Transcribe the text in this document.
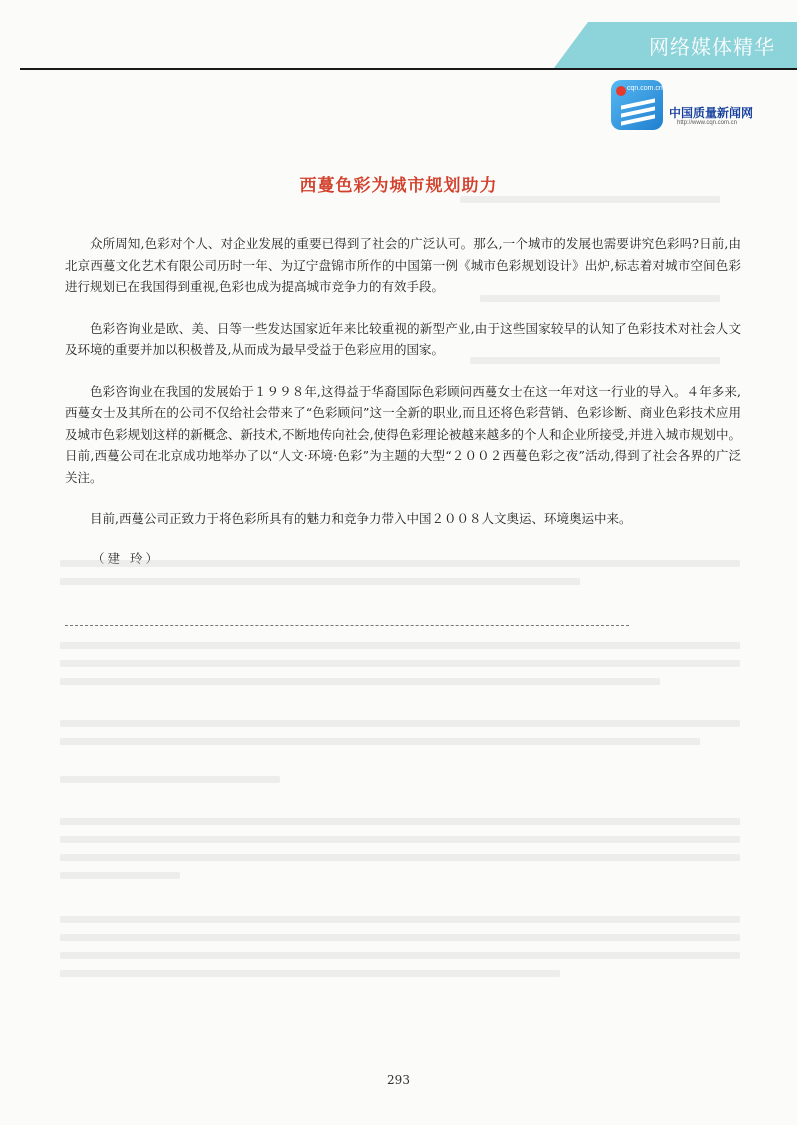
网络媒体精华
cqn.com.cn
中国质量新闻网
http://www.cqn.com.cn
西蔓色彩为城市规划助力

众所周知,色彩对个人、对企业发展的重要已得到了社会的广泛认可。那么,一个城市的发展也需要讲究色彩吗?日前,由北京西蔓文化艺术有限公司历时一年、为辽宁盘锦市所作的中国第一例《城市色彩规划设计》出炉,标志着对城市空间色彩进行规划已在我国得到重视,色彩也成为提高城市竞争力的有效手段。

色彩咨询业是欧、美、日等一些发达国家近年来比较重视的新型产业,由于这些国家较早的认知了色彩技术对社会人文及环境的重要并加以积极普及,从而成为最早受益于色彩应用的国家。

色彩咨询业在我国的发展始于１９９８年,这得益于华裔国际色彩顾问西蔓女士在这一年对这一行业的导入。４年多来,西蔓女士及其所在的公司不仅给社会带来了“色彩顾问”这一全新的职业,而且还将色彩营销、色彩诊断、商业色彩技术应用及城市色彩规划这样的新概念、新技术,不断地传向社会,使得色彩理论被越来越多的个人和企业所接受,并进入城市规划中。日前,西蔓公司在北京成功地举办了以“人文·环境·色彩”为主题的大型“２００２西蔓色彩之夜”活动,得到了社会各界的广泛关注。

目前,西蔓公司正致力于将色彩所具有的魅力和竞争力带入中国２００８人文奥运、环境奥运中来。

（建 玲）
293
